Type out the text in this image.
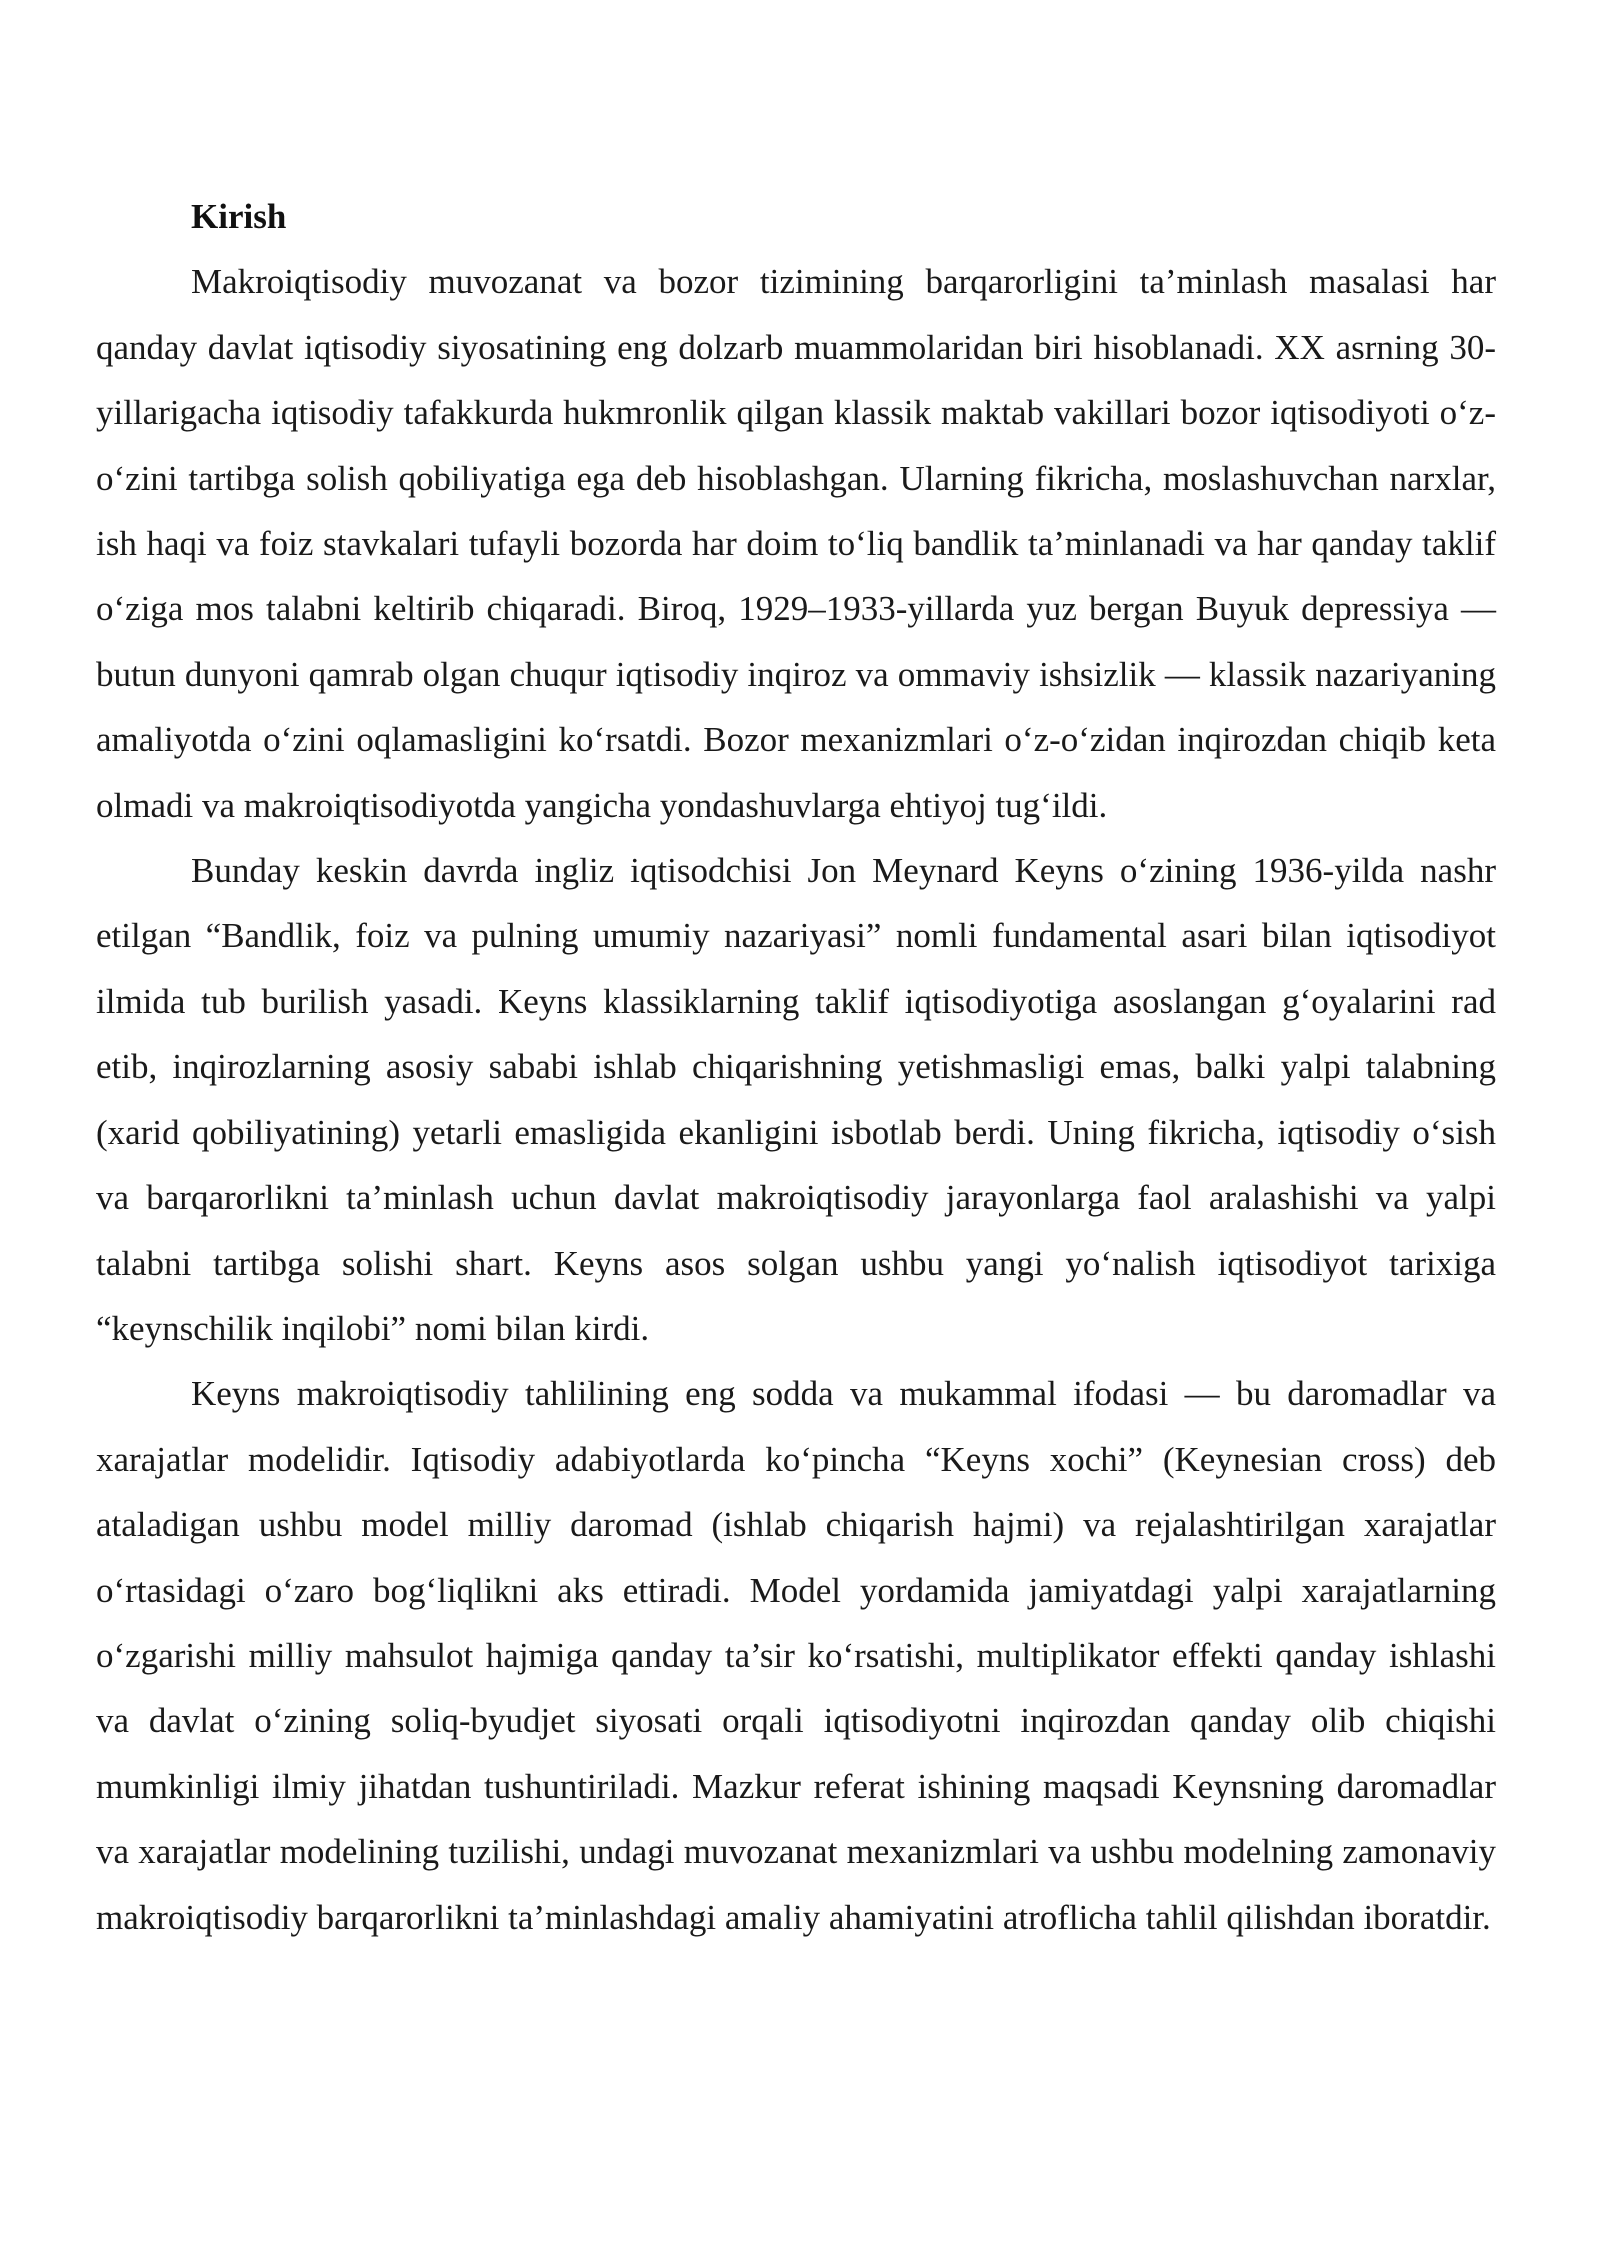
Kirish

Makroiqtisodiy muvozanat va bozor tizimining barqarorligini ta’minlash masalasi har qanday davlat iqtisodiy siyosatining eng dolzarb muammolaridan biri hisoblanadi. XX asrning 30-yillarigacha iqtisodiy tafakkurda hukmronlik qilgan klassik maktab vakillari bozor iqtisodiyoti o‘z-o‘zini tartibga solish qobiliyatiga ega deb hisoblashgan. Ularning fikricha, moslashuvchan narxlar, ish haqi va foiz stavkalari tufayli bozorda har doim to‘liq bandlik ta’minlanadi va har qanday taklif o‘ziga mos talabni keltirib chiqaradi. Biroq, 1929–1933-yillarda yuz bergan Buyuk depressiya — butun dunyoni qamrab olgan chuqur iqtisodiy inqiroz va ommaviy ishsizlik — klassik nazariyaning amaliyotda o‘zini oqlamasligini ko‘rsatdi. Bozor mexanizmlari o‘z-o‘zidan inqirozdan chiqib keta olmadi va makroiqtisodiyotda yangicha yondashuvlarga ehtiyoj tug‘ildi.

Bunday keskin davrda ingliz iqtisodchisi Jon Meynard Keyns o‘zining 1936-yilda nashr etilgan “Bandlik, foiz va pulning umumiy nazariyasi” nomli fundamental asari bilan iqtisodiyot ilmida tub burilish yasadi. Keyns klassiklarning taklif iqtisodiyotiga asoslangan g‘oyalarini rad etib, inqirozlarning asosiy sababi ishlab chiqarishning yetishmasligi emas, balki yalpi talabning (xarid qobiliyatining) yetarli emasligida ekanligini isbotlab berdi. Uning fikricha, iqtisodiy o‘sish va barqarorlikni ta’minlash uchun davlat makroiqtisodiy jarayonlarga faol aralashishi va yalpi talabni tartibga solishi shart. Keyns asos solgan ushbu yangi yo‘nalish iqtisodiyot tarixiga “keynschilik inqilobi” nomi bilan kirdi.

Keyns makroiqtisodiy tahlilining eng sodda va mukammal ifodasi — bu daromadlar va xarajatlar modelidir. Iqtisodiy adabiyotlarda ko‘pincha “Keyns xochi” (Keynesian cross) deb ataladigan ushbu model milliy daromad (ishlab chiqarish hajmi) va rejalashtirilgan xarajatlar o‘rtasidagi o‘zaro bog‘liqlikni aks ettiradi. Model yordamida jamiyatdagi yalpi xarajatlarning o‘zgarishi milliy mahsulot hajmiga qanday ta’sir ko‘rsatishi, multiplikator effekti qanday ishlashi va davlat o‘zining soliq-byudjet siyosati orqali iqtisodiyotni inqirozdan qanday olib chiqishi mumkinligi ilmiy jihatdan tushuntiriladi. Mazkur referat ishining maqsadi Keynsning daromadlar va xarajatlar modelining tuzilishi, undagi muvozanat mexanizmlari va ushbu modelning zamonaviy makroiqtisodiy barqarorlikni ta’minlashdagi amaliy ahamiyatini atroflicha tahlil qilishdan iboratdir.
